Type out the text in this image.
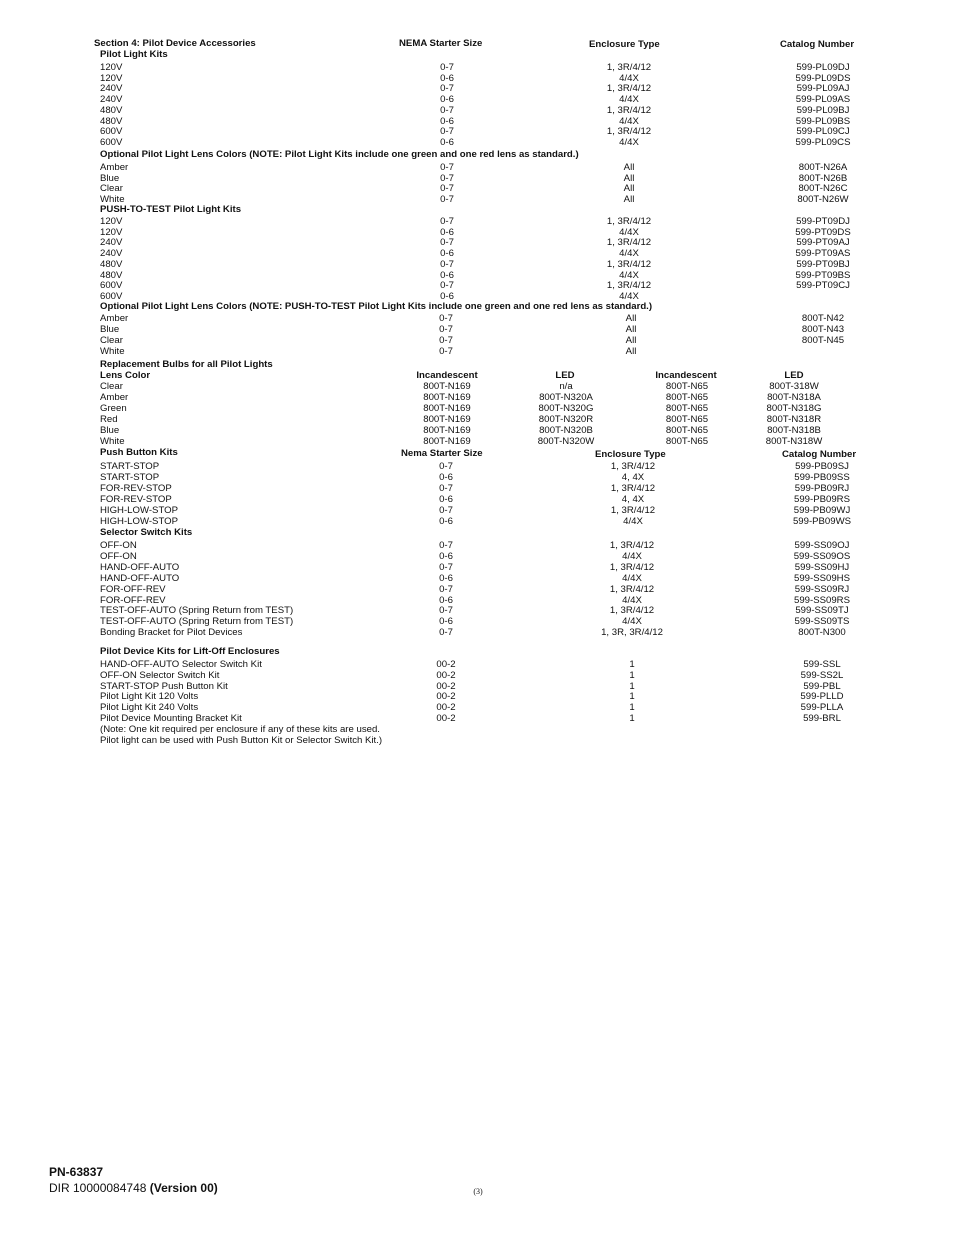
Section 4: Pilot Device Accessories	NEMA Starter Size	Enclosure Type	Catalog Number
Pilot Light Kits
120V	0-7	1, 3R/4/12	599-PL09DJ
120V	0-6	4/4X	599-PL09DS
240V	0-7	1, 3R/4/12	599-PL09AJ
240V	0-6	4/4X	599-PL09AS
480V	0-7	1, 3R/4/12	599-PL09BJ
480V	0-6	4/4X	599-PL09BS
600V	0-7	1, 3R/4/12	599-PL09CJ
600V	0-6	4/4X	599-PL09CS
Optional Pilot Light Lens Colors (NOTE: Pilot Light Kits include one green and one red lens as standard.)
Amber	0-7	All	800T-N26A
Blue	0-7	All	800T-N26B
Clear	0-7	All	800T-N26C
White	0-7	All	800T-N26W
PUSH-TO-TEST Pilot Light Kits
120V	0-7	1, 3R/4/12	599-PT09DJ
120V	0-6	4/4X	599-PT09DS
240V	0-7	1, 3R/4/12	599-PT09AJ
240V	0-6	4/4X	599-PT09AS
480V	0-7	1, 3R/4/12	599-PT09BJ
480V	0-6	4/4X	599-PT09BS
600V	0-7	1, 3R/4/12	599-PT09CJ
600V	0-6	4/4X
Optional Pilot Light Lens Colors (NOTE: PUSH-TO-TEST Pilot Light Kits include one green and one red lens as standard.)
Amber	0-7	All	800T-N42
Blue	0-7	All	800T-N43
Clear	0-7	All	800T-N45
White	0-7	All
Replacement Bulbs for all Pilot Lights
Lens Color	Incandescent	LED	Incandescent	LED
Clear	800T-N169	n/a	800T-N65	800T-318W
Amber	800T-N169	800T-N320A	800T-N65	800T-N318A
Green	800T-N169	800T-N320G	800T-N65	800T-N318G
Red	800T-N169	800T-N320R	800T-N65	800T-N318R
Blue	800T-N169	800T-N320B	800T-N65	800T-N318B
White	800T-N169	800T-N320W	800T-N65	800T-N318W
Push Button Kits	Nema Starter Size	Enclosure Type	Catalog Number
START-STOP	0-7	1, 3R/4/12	599-PB09SJ
START-STOP	0-6	4, 4X	599-PB09SS
FOR-REV-STOP	0-7	1, 3R/4/12	599-PB09RJ
FOR-REV-STOP	0-6	4, 4X	599-PB09RS
HIGH-LOW-STOP	0-7	1, 3R/4/12	599-PB09WJ
HIGH-LOW-STOP	0-6	4/4X	599-PB09WS
Selector Switch Kits
OFF-ON	0-7	1, 3R/4/12	599-SS09OJ
OFF-ON	0-6	4/4X	599-SS09OS
HAND-OFF-AUTO	0-7	1, 3R/4/12	599-SS09HJ
HAND-OFF-AUTO	0-6	4/4X	599-SS09HS
FOR-OFF-REV	0-7	1, 3R/4/12	599-SS09RJ
FOR-OFF-REV	0-6	4/4X	599-SS09RS
TEST-OFF-AUTO (Spring Return from TEST)	0-7	1, 3R/4/12	599-SS09TJ
TEST-OFF-AUTO (Spring Return from TEST)	0-6	4/4X	599-SS09TS
Bonding Bracket for Pilot Devices	0-7	1, 3R, 3R/4/12	800T-N300
Pilot Device Kits for Lift-Off Enclosures
HAND-OFF-AUTO Selector Switch Kit	00-2	1	599-SSL
OFF-ON Selector Switch Kit	00-2	1	599-SS2L
START-STOP Push Button Kit	00-2	1	599-PBL
Pilot Light Kit 120 Volts	00-2	1	599-PLLD
Pilot Light Kit 240 Volts	00-2	1	599-PLLA
Pilot Device Mounting Bracket Kit	00-2	1	599-BRL
(Note: One kit required per enclosure if any of these kits are used.
Pilot light can be used with Push Button Kit or Selector Switch Kit.)
PN-63837
DIR 10000084748 (Version 00)	(3)
